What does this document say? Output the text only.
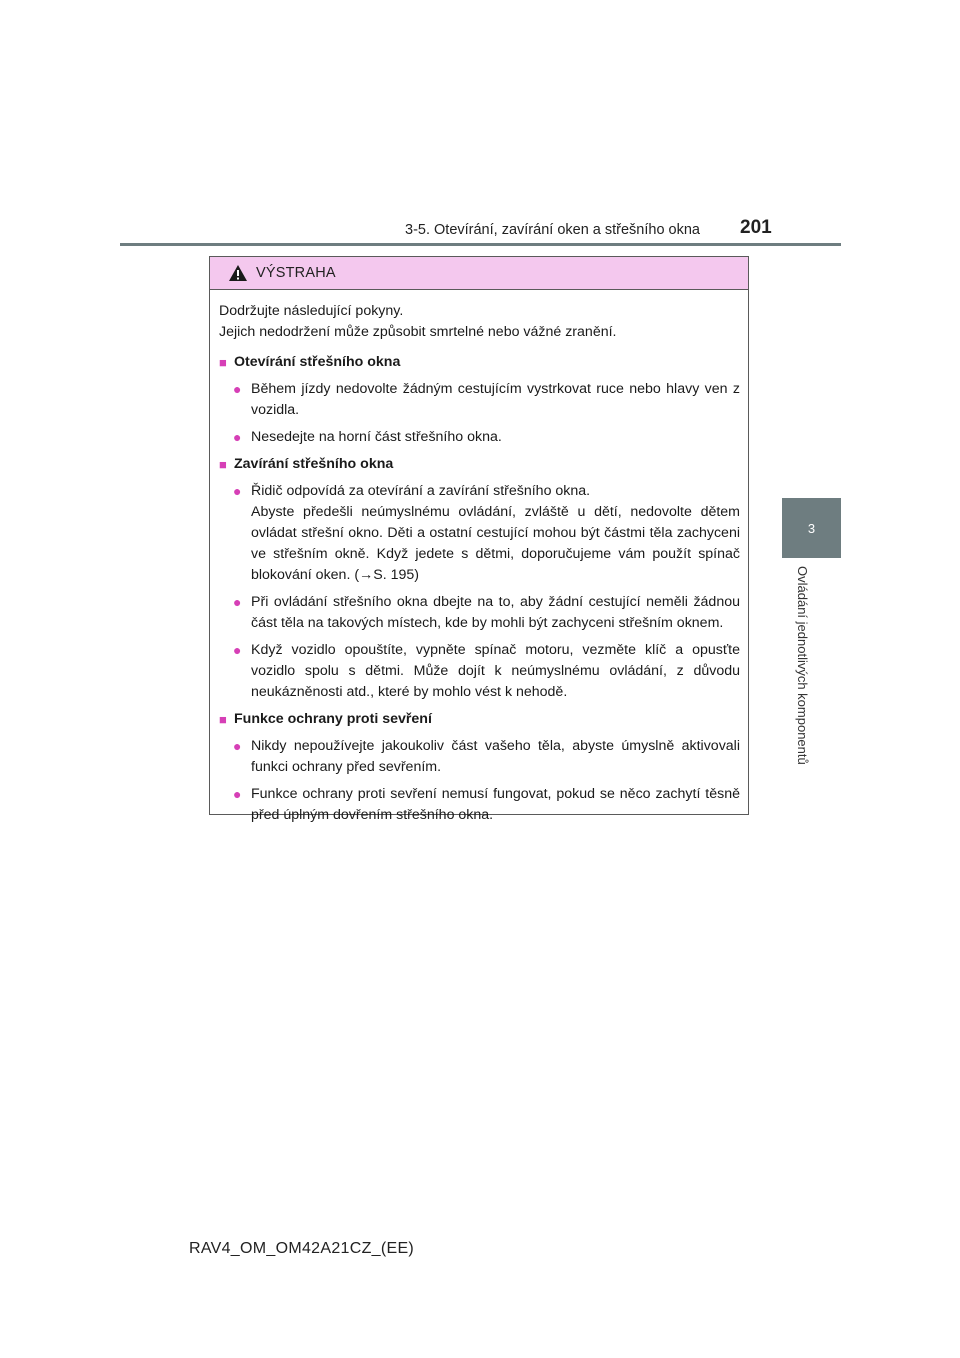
3-5. Otevírání, zavírání oken a střešního okna 201
3
Ovládání jednotlivých komponentů
VÝSTRAHA
Dodržujte následující pokyny.
Jejich nedodržení může způsobit smrtelné nebo vážné zranění.
■ Otevírání střešního okna
● Během jízdy nedovolte žádným cestujícím vystrkovat ruce nebo hlavy ven z vozidla.
● Nesedejte na horní část střešního okna.
■ Zavírání střešního okna
● Řidič odpovídá za otevírání a zavírání střešního okna.
Abyste předešli neúmyslnému ovládání, zvláště u dětí, nedovolte dětem ovládat střešní okno. Děti a ostatní cestující mohou být částmi těla zachyceni ve střešním okně. Když jedete s dětmi, doporučujeme vám použít spínač blokování oken. (→S. 195)
● Při ovládání střešního okna dbejte na to, aby žádní cestující neměli žádnou část těla na takových místech, kde by mohli být zachyceni střešním oknem.
● Když vozidlo opouštíte, vypněte spínač motoru, vezměte klíč a opusťte vozidlo spolu s dětmi. Může dojít k neúmyslnému ovládání, z důvodu neukázněnosti atd., které by mohlo vést k nehodě.
■ Funkce ochrany proti sevření
● Nikdy nepoužívejte jakoukoliv část vašeho těla, abyste úmyslně aktivovali funkci ochrany před sevřením.
● Funkce ochrany proti sevření nemusí fungovat, pokud se něco zachytí těsně před úplným dovřením střešního okna.
RAV4_OM_OM42A21CZ_(EE)
